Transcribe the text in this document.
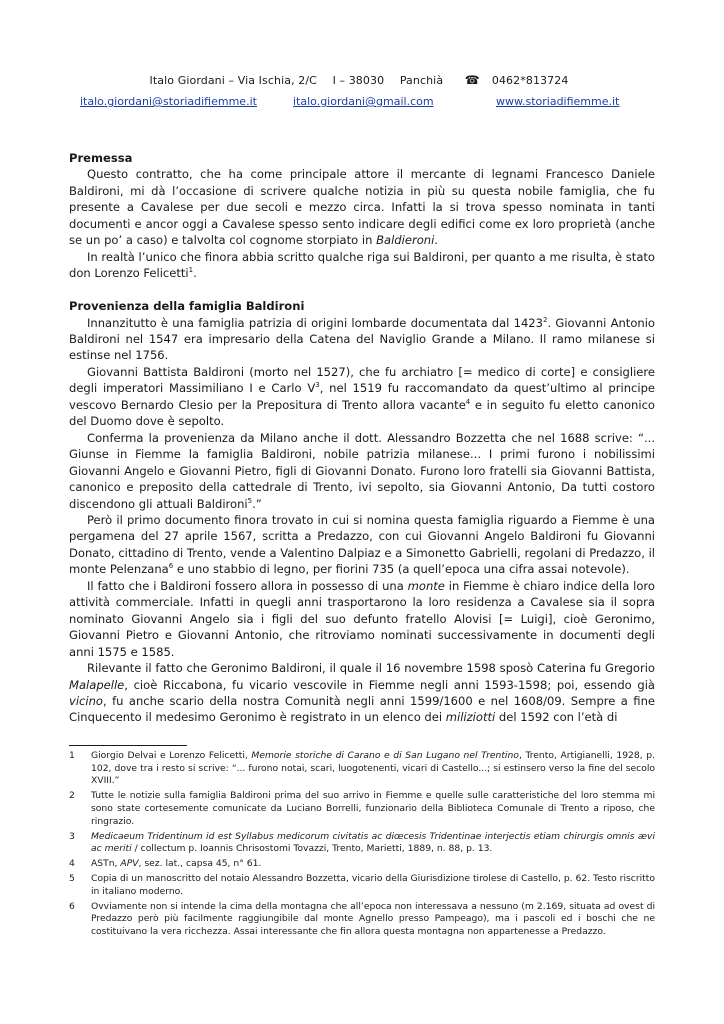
Italo Giordani – Via Ischia, 2/C I – 38030 Panchià ☎ 0462*813724
italo.giordani@storiadifiemme.it	italo.giordani@gmail.com	www.storiadifiemme.it
Premessa

Questo contratto, che ha come principale attore il mercante di legnami Francesco Daniele Baldironi, mi dà l’occasione di scrivere qualche notizia in più su questa nobile famiglia, che fu presente a Cavalese per due secoli e mezzo circa. Infatti la si trova spesso nominata in tanti documenti e ancor oggi a Cavalese spesso sento indicare degli edifici come ex loro proprietà (anche se un po’ a caso) e talvolta col cognome storpiato in Baldieroni.

In realtà l’unico che finora abbia scritto qualche riga sui Baldironi, per quanto a me risulta, è stato don Lorenzo Felicetti$^1$.

Provenienza della famiglia Baldironi

Innanzitutto è una famiglia patrizia di origini lombarde documentata dal 1423$^2$. Giovanni Antonio Baldironi nel 1547 era impresario della Catena del Naviglio Grande a Milano. Il ramo milanese si estinse nel 1756.

Giovanni Battista Baldironi (morto nel 1527), che fu archiatro [= medico di corte] e consigliere degli imperatori Massimiliano I e Carlo $V^3$, nel 1519 fu raccomandato da quest’ultimo al principe vescovo Bernardo Clesio per la Prepositura di Trento allora vacante$^4$ e in seguito fu eletto canonico del Duomo dove è sepolto.

Conferma la provenienza da Milano anche il dott. Alessandro Bozzetta che nel 1688 scrive: “... Giunse in Fiemme la famiglia Baldironi, nobile patrizia milanese... I primi furono i nobilissimi Giovanni Angelo e Giovanni Pietro, figli di Giovanni Donato. Furono loro fratelli sia Giovanni Battista, canonico e preposito della cattedrale di Trento, ivi sepolto, sia Giovanni Antonio, Da tutti costoro discendono gli attuali Baldironi$^5$.”

Però il primo documento finora trovato in cui si nomina questa famiglia riguardo a Fiemme è una pergamena del 27 aprile 1567, scritta a Predazzo, con cui Giovanni Angelo Baldironi fu Giovanni Donato, cittadino di Trento, vende a Valentino Dalpiaz e a Simonetto Gabrielli, regolani di Predazzo, il monte Pelenzana$^6$ e uno stabbio di legno, per fiorini 735 (a quell’epoca una cifra assai notevole).

Il fatto che i Baldironi fossero allora in possesso di una monte in Fiemme è chiaro indice della loro attività commerciale. Infatti in quegli anni trasportarono la loro residenza a Cavalese sia il sopra nominato Giovanni Angelo sia i figli del suo defunto fratello Alovisi [= Luigi], cioè Geronimo, Giovanni Pietro e Giovanni Antonio, che ritroviamo nominati successivamente in documenti degli anni 1575 e 1585.

Rilevante il fatto che Geronimo Baldironi, il quale il 16 novembre 1598 sposò Caterina fu Gregorio Malapelle, cioè Riccabona, fu vicario vescovile in Fiemme negli anni 1593-1598; poi, essendo già vicino, fu anche scario della nostra Comunità negli anni 1599/1600 e nel 1608/09. Sempre a fine Cinquecento il medesimo Geronimo è registrato in un elenco dei miliziotti del 1592 con l’età di

1 Giorgio Delvai e Lorenzo Felicetti, Memorie storiche di Carano e di San Lugano nel Trentino, Trento, Artigianelli, 1928, p. 102, dove tra i resto si scrive: “... furono notai, scari, luogotenenti, vicari di Castello...; si estinsero verso la fine del secolo XVIII.”
2 Tutte le notizie sulla famiglia Baldironi prima del suo arrivo in Fiemme e quelle sulle caratteristiche del loro stemma mi sono state cortesemente comunicate da Luciano Borrelli, funzionario della Biblioteca Comunale di Trento a riposo, che ringrazio.
3 Medicaeum Tridentinum id est Syllabus medicorum civitatis ac diœcesis Tridentinae interjectis etiam chirurgis omnis ævi ac meriti / collectum p. Ioannis Chrisostomi Tovazzi, Trento, Marietti, 1889, n. 88, p. 13.
4 ASTn, APV, sez. lat., capsa 45, n° 61.
5 Copia di un manoscritto del notaio Alessandro Bozzetta, vicario della Giurisdizione tirolese di Castello, p. 62. Testo riscritto in italiano moderno.
6 Ovviamente non si intende la cima della montagna che all’epoca non interessava a nessuno (m 2.169, situata ad ovest di Predazzo però più facilmente raggiungibile dal monte Agnello presso Pampeago), ma i pascoli ed i boschi che ne costituivano la vera ricchezza. Assai interessante che fin allora questa montagna non appartenesse a Predazzo.
